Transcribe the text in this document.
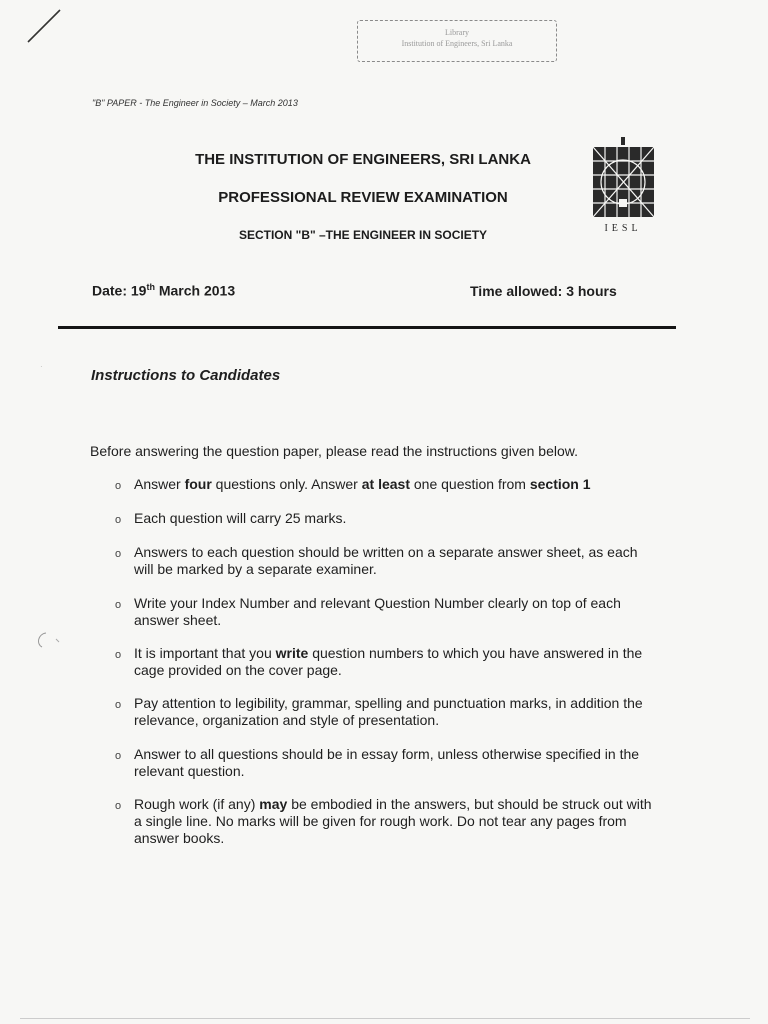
Library
Institution of Engineers, Sri Lanka
"B" PAPER - The Engineer in Society – March 2013
THE INSTITUTION OF ENGINEERS, SRI LANKA
PROFESSIONAL REVIEW EXAMINATION
SECTION "B" –THE ENGINEER IN SOCIETY	IESL
Date: 19th March 2013	Time allowed: 3 hours
·
Instructions to Candidates
Before answering the question paper, please read the instructions given below.
o Answer four questions only. Answer at least one question from section 1
o Each question will carry 25 marks.
o Answers to each question should be written on a separate answer sheet, as each will be marked by a separate examiner.
o Write your Index Number and relevant Question Number clearly on top of each answer sheet.
o It is important that you write question numbers to which you have answered in the cage provided on the cover page.
o Pay attention to legibility, grammar, spelling and punctuation marks, in addition the relevance, organization and style of presentation.
o Answer to all questions should be in essay form, unless otherwise specified in the relevant question.
o Rough work (if any) may be embodied in the answers, but should be struck out with a single line. No marks will be given for rough work. Do not tear any pages from answer books.
